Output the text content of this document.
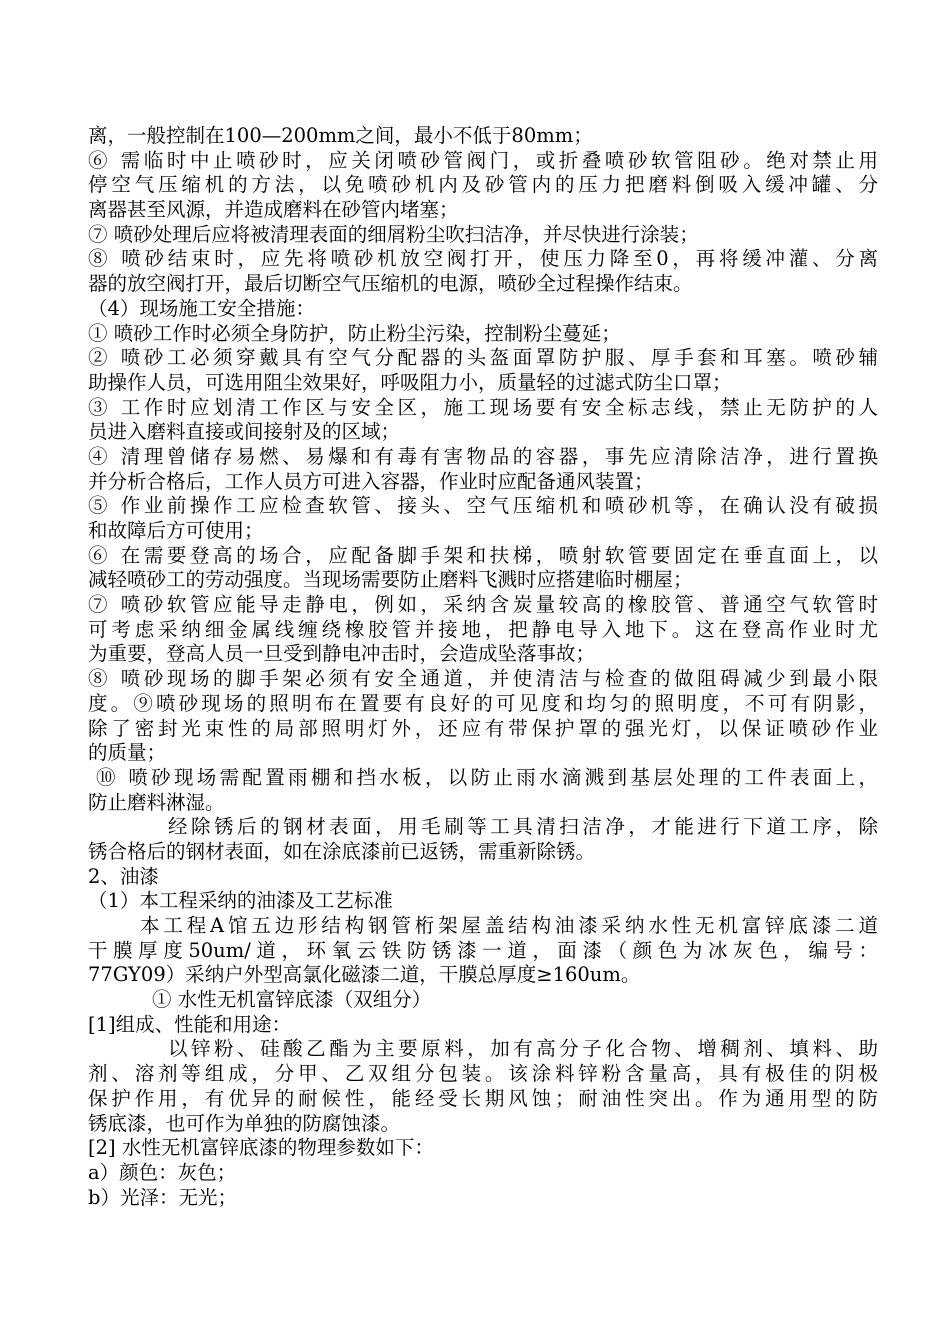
离，一般控制在100—200mm之间，最小不低于80mm；
⑥ 需临时中止喷砂时，应关闭喷砂管阀门，或折叠喷砂软管阻砂。绝对禁止用
停空气压缩机的方法，以免喷砂机内及砂管内的压力把磨料倒吸入缓冲罐、分
离器甚至风源，并造成磨料在砂管内堵塞；
⑦ 喷砂处理后应将被清理表面的细屑粉尘吹扫洁净，并尽快进行涂装；
⑧ 喷砂结束时，应先将喷砂机放空阀打开，使压力降至0，再将缓冲灌、分离
器的放空阀打开，最后切断空气压缩机的电源，喷砂全过程操作结束。
（4）现场施工安全措施：
① 喷砂工作时必须全身防护，防止粉尘污染，控制粉尘蔓延；
② 喷砂工必须穿戴具有空气分配器的头盔面罩防护服、厚手套和耳塞。喷砂辅
助操作人员，可选用阻尘效果好，呼吸阻力小，质量轻的过滤式防尘口罩；
③ 工作时应划清工作区与安全区，施工现场要有安全标志线，禁止无防护的人
员进入磨料直接或间接射及的区域；
④ 清理曾储存易燃、易爆和有毒有害物品的容器，事先应清除洁净，进行置换
并分析合格后，工作人员方可进入容器，作业时应配备通风装置；
⑤ 作业前操作工应检查软管、接头、空气压缩机和喷砂机等，在确认没有破损
和故障后方可使用；
⑥ 在需要登高的场合，应配备脚手架和扶梯，喷射软管要固定在垂直面上，以
减轻喷砂工的劳动强度。当现场需要防止磨料飞溅时应搭建临时棚屋；
⑦ 喷砂软管应能导走静电，例如，采纳含炭量较高的橡胶管、普通空气软管时
可考虑采纳细金属线缠绕橡胶管并接地，把静电导入地下。这在登高作业时尤
为重要，登高人员一旦受到静电冲击时，会造成坠落事故；
⑧ 喷砂现场的脚手架必须有安全通道，并使清洁与检查的做阻碍减少到最小限
度。⑨喷砂现场的照明布在置要有良好的可见度和均匀的照明度，不可有阴影，
除了密封光束性的局部照明灯外，还应有带保护罩的强光灯，以保证喷砂作业
的质量；
⑩ 喷砂现场需配置雨棚和挡水板，以防止雨水滴溅到基层处理的工件表面上，
防止磨料淋湿。
经除锈后的钢材表面，用毛刷等工具清扫洁净，才能进行下道工序，除
锈合格后的钢材表面，如在涂底漆前已返锈，需重新除锈。
2、油漆
（1）本工程采纳的油漆及工艺标准
本工程A馆五边形结构钢管桁架屋盖结构油漆采纳水性无机富锌底漆二道
干膜厚度50um/道，环氧云铁防锈漆一道，面漆（颜色为冰灰色，编号：
77GY09）采纳户外型高氯化磁漆二道，干膜总厚度≥160um。
① 水性无机富锌底漆（双组分）
[1]组成、性能和用途：
以锌粉、硅酸乙酯为主要原料，加有高分子化合物、增稠剂、填料、助
剂、溶剂等组成，分甲、乙双组分包装。该涂料锌粉含量高，具有极佳的阴极
保护作用，有优异的耐候性，能经受长期风蚀；耐油性突出。作为通用型的防
锈底漆，也可作为单独的防腐蚀漆。
[2] 水性无机富锌底漆的物理参数如下：
a）颜色：灰色；
b）光泽：无光；
